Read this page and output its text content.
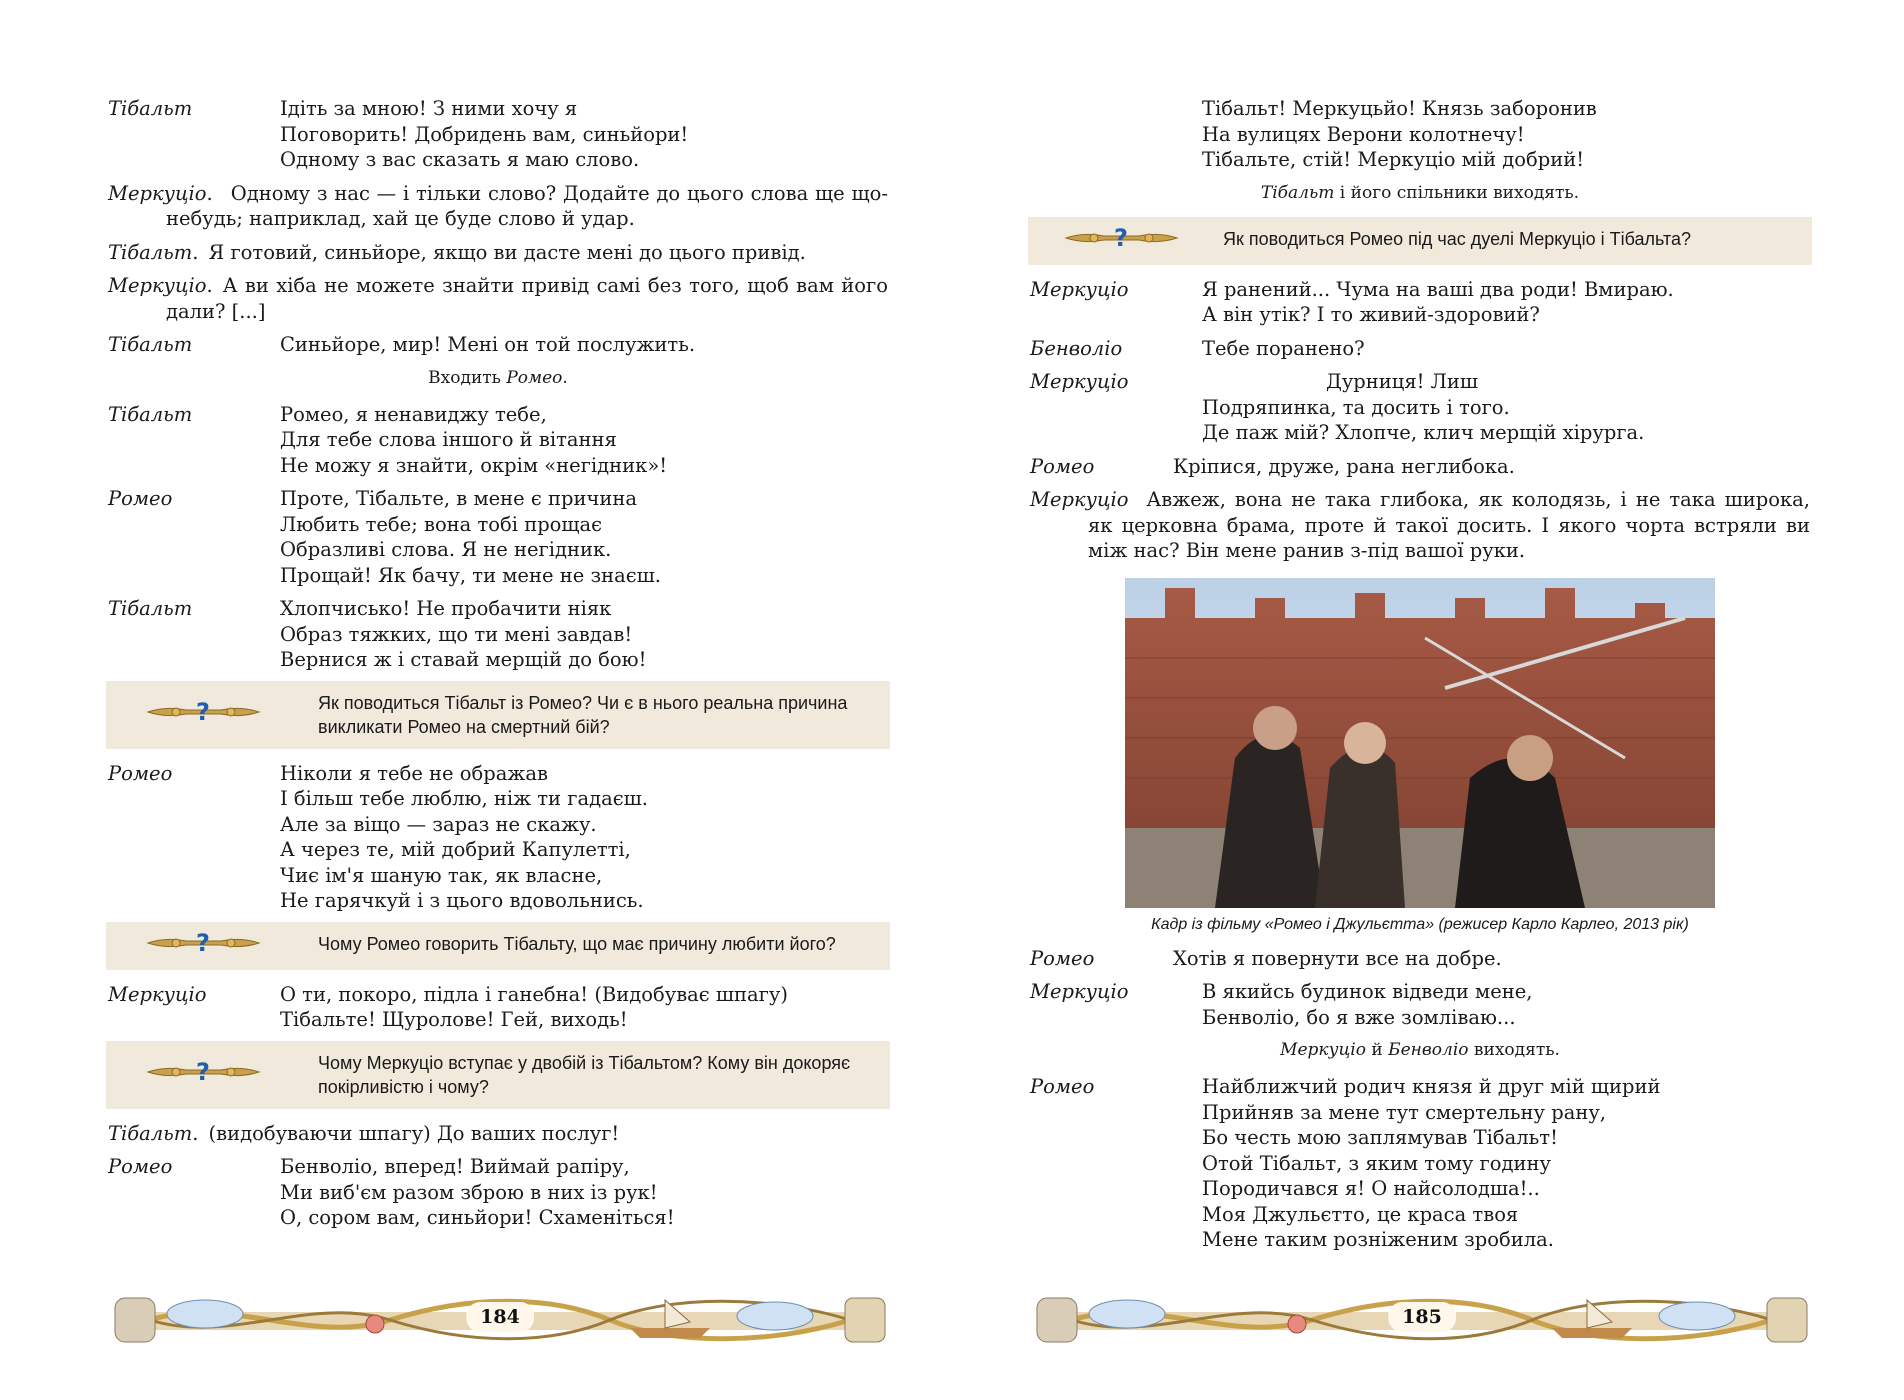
Тібальт	Ідіть за мною! З ними хочу я
Поговорить! Добридень вам, синьйори!
Одному з вас сказать я маю слово.
Меркуціо. Одному з нас — і тільки слово? Додайте до цього слова ще що-небудь; наприклад, хай це буде слово й удар.
Тібальт. Я готовий, синьйоре, якщо ви дасте мені до цього привід.
Меркуціо. А ви хіба не можете знайти привід самі без того, щоб вам його дали? [...]
Тібальт	Синьйоре, мир! Мені он той послужить.
Входить Ромео.
Тібальт	Ромео, я ненавиджу тебе,
Для тебе слова іншого й вітання
Не можу я знайти, окрім «негідник»!
Ромео	Проте, Тібальте, в мене є причина
Любить тебе; вона тобі прощає
Образливі слова. Я не негідник.
Прощай! Як бачу, ти мене не знаєш.
Тібальт	Хлопчисько! Не пробачити ніяк
Образ тяжких, що ти мені завдав!
Вернися ж і ставай мерщій до бою!
?	Як поводиться Тібальт із Ромео? Чи є в нього реальна причина викликати Ромео на смертний бій?
Ромео	Ніколи я тебе не ображав
І більш тебе люблю, ніж ти гадаєш.
Але за віщо — зараз не скажу.
А через те, мій добрий Капулетті,
Чиє ім'я шаную так, як власне,
Не гарячкуй і з цього вдовольнись.
?	Чому Ромео говорить Тібальту, що має причину любити його?
Меркуціо	О ти, покоро, підла і ганебна! (Видобуває шпагу)
Тібальте! Щуролове! Гей, виходь!
?	Чому Меркуціо вступає у двобій із Тібальтом? Кому він докоряє покірливістю і чому?
Тібальт. (видобуваючи шпагу) До ваших послуг!
Ромео	Бенволіо, вперед! Виймай рапіру,
Ми виб'єм разом зброю в них із рук!
О, сором вам, синьйори! Схаменіться!
184
Тібальт! Меркуцьйо! Князь заборонив
На вулицях Верони колотнечу!
Тібальте, стій! Меркуціо мій добрий!
Тібальт і його спільники виходять.
?	Як поводиться Ромео під час дуелі Меркуціо і Тібальта?
Меркуціо	Я ранений... Чума на ваші два роди! Вмираю.
А він утік? І то живий-здоровий?
Бенволіо	Тебе поранено?
Меркуціо	Дурниця! Лиш
Подряпинка, та досить і того.
Де паж мій? Хлопче, клич мерщій хірурга.
Ромео	Кріпися, друже, рана неглибока.
Меркуціо Авжеж, вона не така глибока, як колодязь, і не така широка, як церковна брама, проте й такої досить. І якого чорта встряли ви між нас? Він мене ранив з-під вашої руки.
Кадр із фільму «Ромео і Джульєтта» (режисер Карло Карлео, 2013 рік)
Ромео	Хотів я повернути все на добре.
Меркуціо	В якийсь будинок відведи мене,
Бенволіо, бо я вже зомліваю...
Меркуціо й Бенволіо виходять.
Ромео	Найближчий родич князя й друг мій щирий
Прийняв за мене тут смертельну рану,
Бо честь мою заплямував Тібальт!
Отой Тібальт, з яким тому годину
Породичався я! О найсолодша!..
Моя Джульєтто, це краса твоя
Мене таким розніженим зробила.
185
